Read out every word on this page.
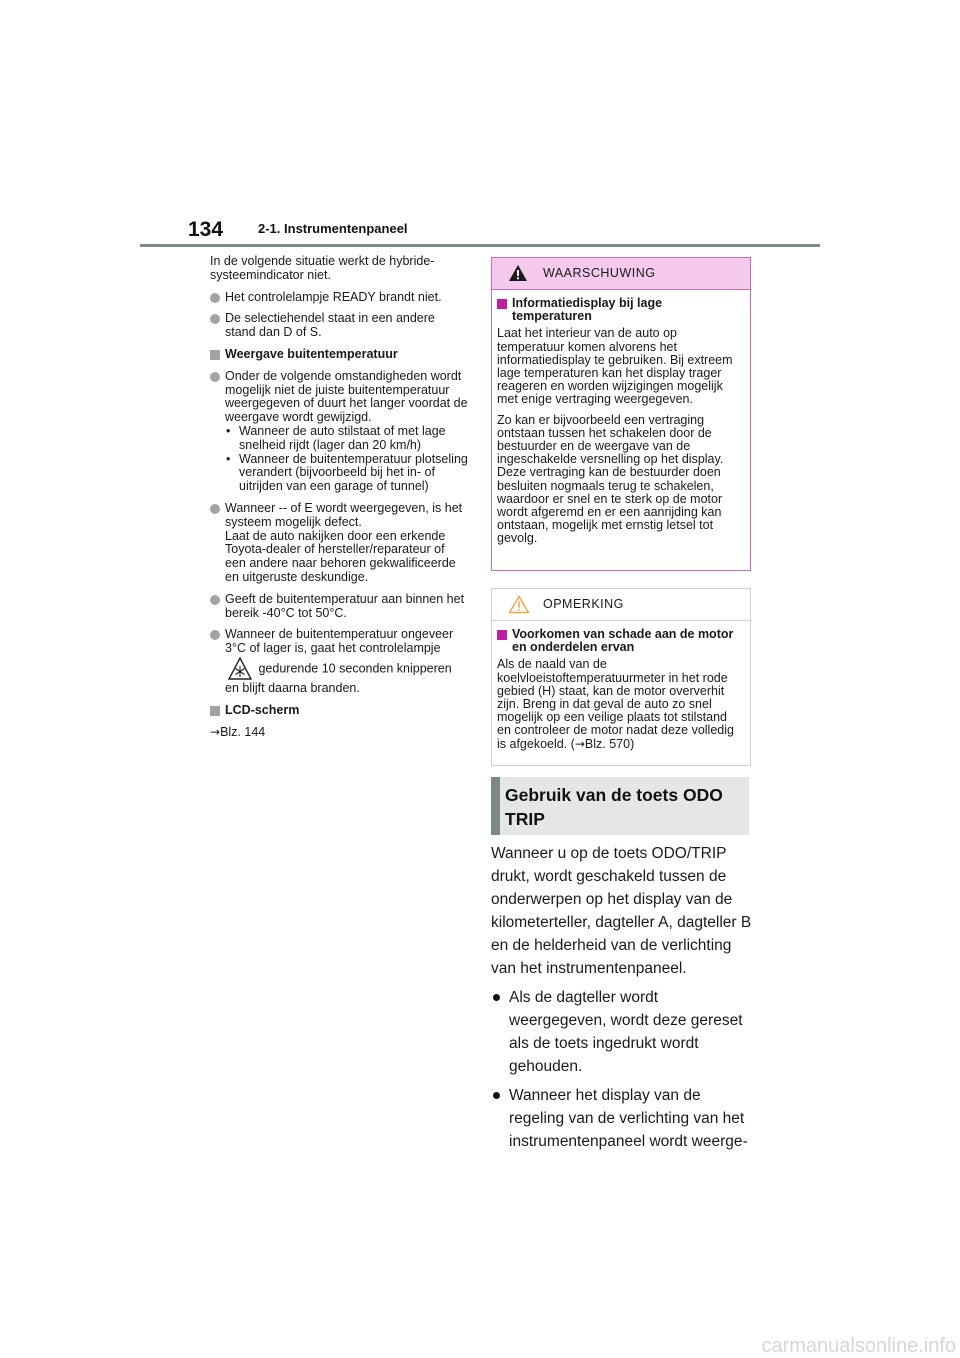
134	2-1. Instrumentenpaneel

In de volgende situatie werkt de hybride-systeemindicator niet.

Het controlelampje READY brandt niet.
De selectiehendel staat in een andere stand dan D of S.
Weergave buitentemperatuur
Onder de volgende omstandigheden wordt mogelijk niet de juiste buitentemperatuur weergegeven of duurt het langer voordat de weergave wordt gewijzigd.
• Wanneer de auto stilstaat of met lage snelheid rijdt (lager dan 20 km/h)
• Wanneer de buitentemperatuur plotseling verandert (bijvoorbeeld bij het in- of uitrijden van een garage of tunnel)
Wanneer -- of E wordt weergegeven, is het systeem mogelijk defect.
Laat de auto nakijken door een erkende Toyota-dealer of hersteller/reparateur of een andere naar behoren gekwalificeerde en uitgeruste deskundige.
Geeft de buitentemperatuur aan binnen het bereik -40°C tot 50°C.
Wanneer de buitentemperatuur ongeveer 3°C of lager is, gaat het controlelampje  gedurende 10 seconden knipperen en blijft daarna branden.
LCD-scherm

→Blz. 144

WAARSCHUWING
Informatiedisplay bij lage temperaturen

Laat het interieur van de auto op temperatuur komen alvorens het informatiedisplay te gebruiken. Bij extreem lage temperaturen kan het display trager reageren en worden wijzigingen mogelijk met enige vertraging weergegeven.

Zo kan er bijvoorbeeld een vertraging ontstaan tussen het schakelen door de bestuurder en de weergave van de ingeschakelde versnelling op het display. Deze vertraging kan de bestuurder doen besluiten nogmaals terug te schakelen, waardoor er snel en te sterk op de motor wordt afgeremd en er een aanrijding kan ontstaan, mogelijk met ernstig letsel tot gevolg.

OPMERKING
Voorkomen van schade aan de motor en onderdelen ervan

Als de naald van de koelvloeistoftemperatuurmeter in het rode gebied (H) staat, kan de motor oververhit zijn. Breng in dat geval de auto zo snel mogelijk op een veilige plaats tot stilstand en controleer de motor nadat deze volledig is afgekoeld. (→Blz. 570)

Gebruik van de toets ODO TRIP

Wanneer u op de toets ODO/TRIP drukt, wordt geschakeld tussen de onderwerpen op het display van de kilometerteller, dagteller A, dagteller B en de helderheid van de verlichting van het instrumentenpaneel.

Als de dagteller wordt weergegeven, wordt deze gereset als de toets ingedrukt wordt gehouden.
Wanneer het display van de regeling van de verlichting van het instrumentenpaneel wordt weerge-
carmanualsonline.info
